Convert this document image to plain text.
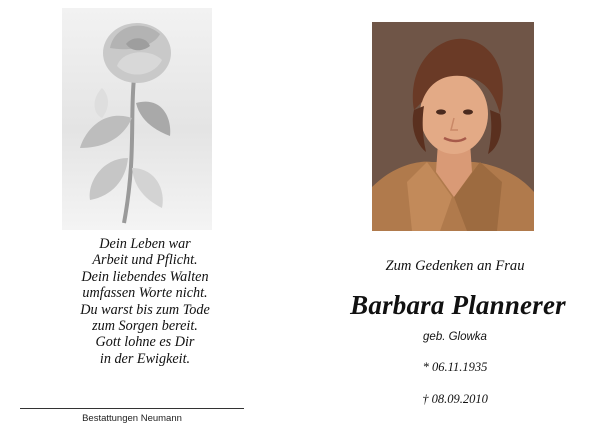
Dein Leben war
Arbeit und Pflicht.
Dein liebendes Walten
umfassen Worte nicht.
Du warst bis zum Tode
zum Sorgen bereit.
Gott lohne es Dir
in der Ewigkeit.
Bestattungen Neumann
Zum Gedenken an Frau
Barbara Plannerer
geb. Glowka
* 06.11.1935
† 08.09.2010
